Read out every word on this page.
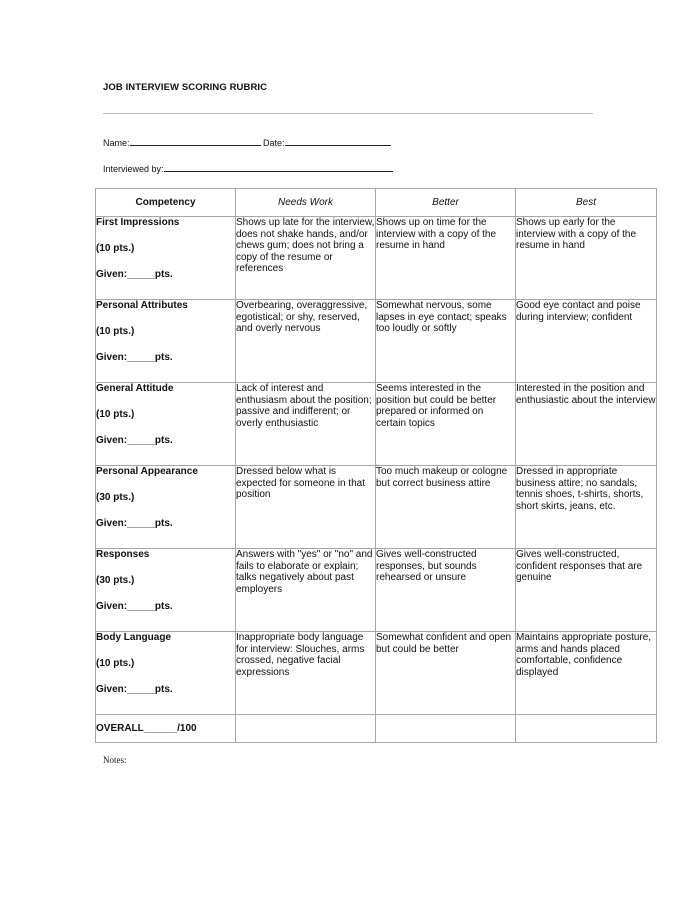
JOB INTERVIEW SCORING RUBRIC
Name:	Date:
Interviewed by:
Competency	Needs Work	Better	Best

First Impressions
(10 pts.)
Given:_____pts.	Shows up late for the interview, does not shake hands, and/or chews gum; does not bring a copy of the resume or references	Shows up on time for the interview with a copy of the resume in hand	Shows up early for the interview with a copy of the resume in hand

Personal Attributes
(10 pts.)
Given:_____pts.	Overbearing, overaggressive, egotistical; or shy, reserved, and overly nervous	Somewhat nervous, some lapses in eye contact; speaks too loudly or softly	Good eye contact and poise during interview; confident

General Attitude
(10 pts.)
Given:_____pts.	Lack of interest and enthusiasm about the position; passive and indifferent; or overly enthusiastic	Seems interested in the position but could be better prepared or informed on certain topics	Interested in the position and enthusiastic about the interview

Personal Appearance
(30 pts.)
Given:_____pts.	Dressed below what is expected for someone in that position	Too much makeup or cologne but correct business attire	Dressed in appropriate business attire; no sandals, tennis shoes, t-shirts, shorts, short skirts, jeans, etc.

Responses
(30 pts.)
Given:_____pts.	Answers with "yes" or "no" and fails to elaborate or explain; talks negatively about past employers	Gives well-constructed responses, but sounds rehearsed or unsure	Gives well-constructed, confident responses that are genuine

Body Language
(10 pts.)
Given:_____pts.	Inappropriate body language for interview: Slouches, arms crossed, negative facial expressions	Somewhat confident and open but could be better	Maintains appropriate posture, arms and hands placed comfortable, confidence displayed
OVERALL______/100			
Notes:
